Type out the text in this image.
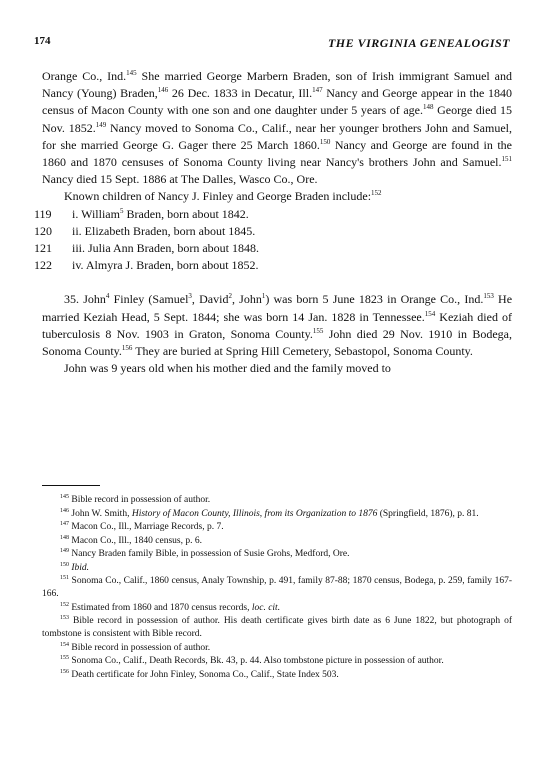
174	THE VIRGINIA GENEALOGIST

Orange Co., Ind.$^{145}$ She married George Marbern Braden, son of Irish immigrant Samuel and Nancy (Young) Braden,$^{146}$ 26 Dec. 1833 in Decatur, Ill.$^{147}$ Nancy and George appear in the 1840 census of Macon County with one son and one daughter under 5 years of age.$^{148}$ George died 15 Nov. 1852.$^{149}$ Nancy moved to Sonoma Co., Calif., near her younger brothers John and Samuel, for she married George G. Gager there 25 March 1860.$^{150}$ Nancy and George are found in the 1860 and 1870 censuses of Sonoma County living near Nancy's brothers John and Samuel.$^{151}$ Nancy died 15 Sept. 1886 at The Dalles, Wasco Co., Ore.

Known children of Nancy J. Finley and George Braden include:$^{152}$

119	i. William$^5$ Braden, born about 1842.
120	ii. Elizabeth Braden, born about 1845.
121	iii. Julia Ann Braden, born about 1848.
122	iv. Almyra J. Braden, born about 1852.

35. John$^4$ Finley (Samuel$^3$, David$^2$, John$^1$) was born 5 June 1823 in Orange Co., Ind.$^{153}$ He married Keziah Head, 5 Sept. 1844; she was born 14 Jan. 1828 in Tennessee.$^{154}$ Keziah died of tuberculosis 8 Nov. 1903 in Graton, Sonoma County.$^{155}$ John died 29 Nov. 1910 in Bodega, Sonoma County.$^{156}$ They are buried at Spring Hill Cemetery, Sebastopol, Sonoma County.

John was 9 years old when his mother died and the family moved to

$^{145}$ Bible record in possession of author.

$^{146}$ John W. Smith, History of Macon County, Illinois, from its Organization to 1876 (Springfield, 1876), p. 81.

$^{147}$ Macon Co., Ill., Marriage Records, p. 7.

$^{148}$ Macon Co., Ill., 1840 census, p. 6.

$^{149}$ Nancy Braden family Bible, in possession of Susie Grohs, Medford, Ore.

$^{150}$ Ibid.

$^{151}$ Sonoma Co., Calif., 1860 census, Analy Township, p. 491, family 87-88; 1870 census, Bodega, p. 259, family 167-166.

$^{152}$ Estimated from 1860 and 1870 census records, loc. cit.

$^{153}$ Bible record in possession of author. His death certificate gives birth date as 6 June 1822, but photograph of tombstone is consistent with Bible record.

$^{154}$ Bible record in possession of author.

$^{155}$ Sonoma Co., Calif., Death Records, Bk. 43, p. 44. Also tombstone picture in possession of author.

$^{156}$ Death certificate for John Finley, Sonoma Co., Calif., State Index 503.
